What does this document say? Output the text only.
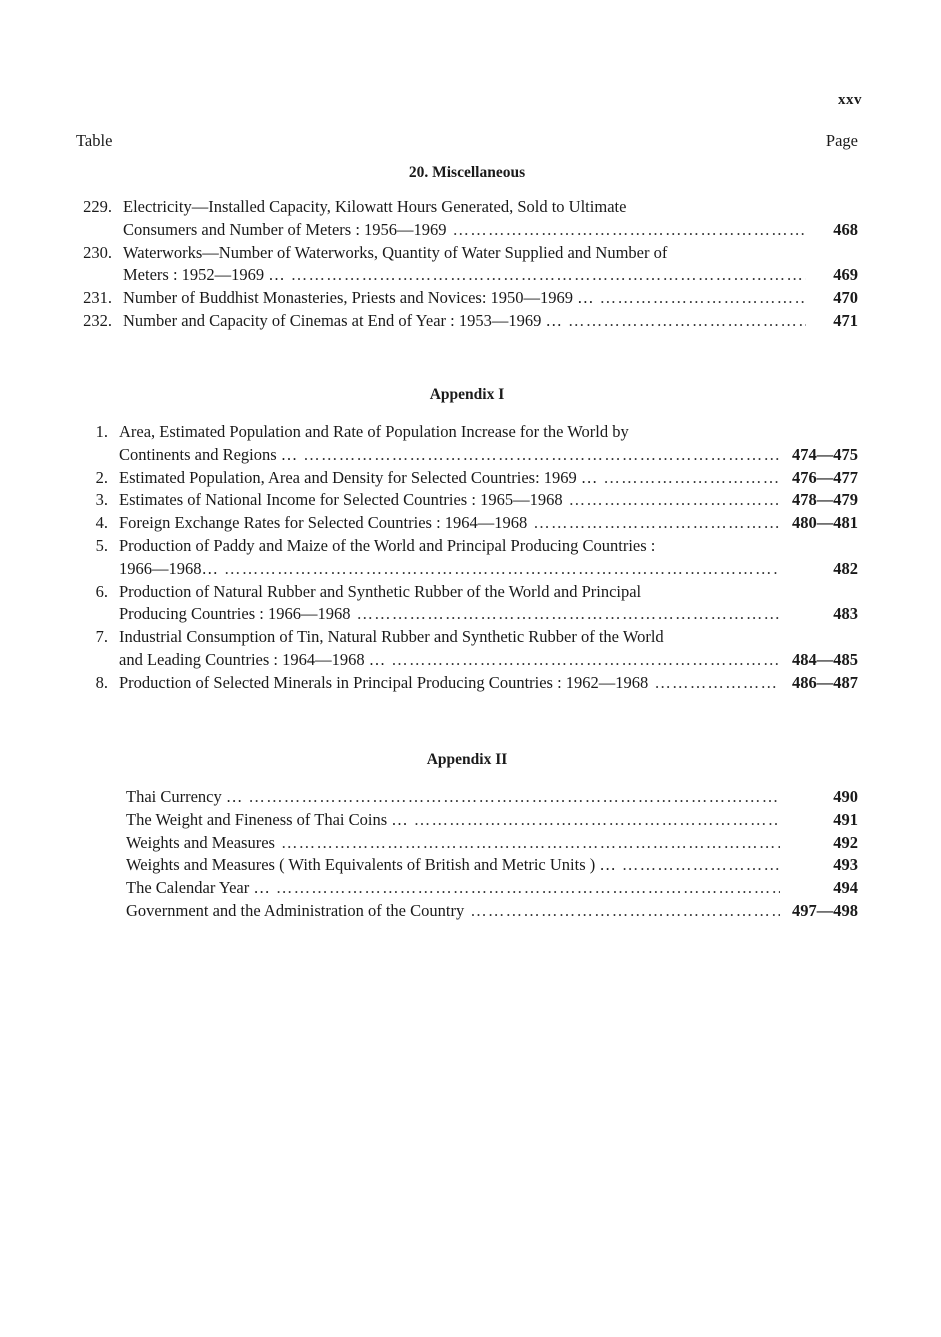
xxv
Table	Page
20. Miscellaneous
229. Electricity—Installed Capacity, Kilowatt Hours Generated, Sold to Ultimate
Consumers and Number of Meters : 1956—1969 …………………………………………………………………………………………………………	468
230. Waterworks—Number of Waterworks, Quantity of Water Supplied and Number of
Meters : 1952—1969 … …………………………………………………………………………………………………………	469
231. Number of Buddhist Monasteries, Priests and Novices: 1950—1969 … …………………………………………………………………………………………………………	470
232. Number and Capacity of Cinemas at End of Year : 1953—1969 … …………………………………………………………………………………………………………	471
Appendix I
1. Area, Estimated Population and Rate of Population Increase for the World by
Continents and Regions … …………………………………………………………………………………………………………	474—475
2. Estimated Population, Area and Density for Selected Countries: 1969 … …………………………………………………………………………………………………………	476—477
3. Estimates of National Income for Selected Countries : 1965—1968 …………………………………………………………………………………………………………	478—479
4. Foreign Exchange Rates for Selected Countries : 1964—1968 …………………………………………………………………………………………………………	480—481
5. Production of Paddy and Maize of the World and Principal Producing Countries :
1966—1968… …………………………………………………………………………………………………………	482
6. Production of Natural Rubber and Synthetic Rubber of the World and Principal
Producing Countries : 1966—1968 …………………………………………………………………………………………………………	483
7. Industrial Consumption of Tin, Natural Rubber and Synthetic Rubber of the World
and Leading Countries : 1964—1968 … …………………………………………………………………………………………………………	484—485
8. Production of Selected Minerals in Principal Producing Countries : 1962—1968 …………………………………………………………………………………………………………	486—487
Appendix II
Thai Currency … …………………………………………………………………………………………………………	490
The Weight and Fineness of Thai Coins … …………………………………………………………………………………………………………	491
Weights and Measures …………………………………………………………………………………………………………	492
Weights and Measures ( With Equivalents of British and Metric Units ) … …………………………………………………………………………………………………………	493
The Calendar Year … …………………………………………………………………………………………………………	494
Government and the Administration of the Country …………………………………………………………………………………………………………	497—498
